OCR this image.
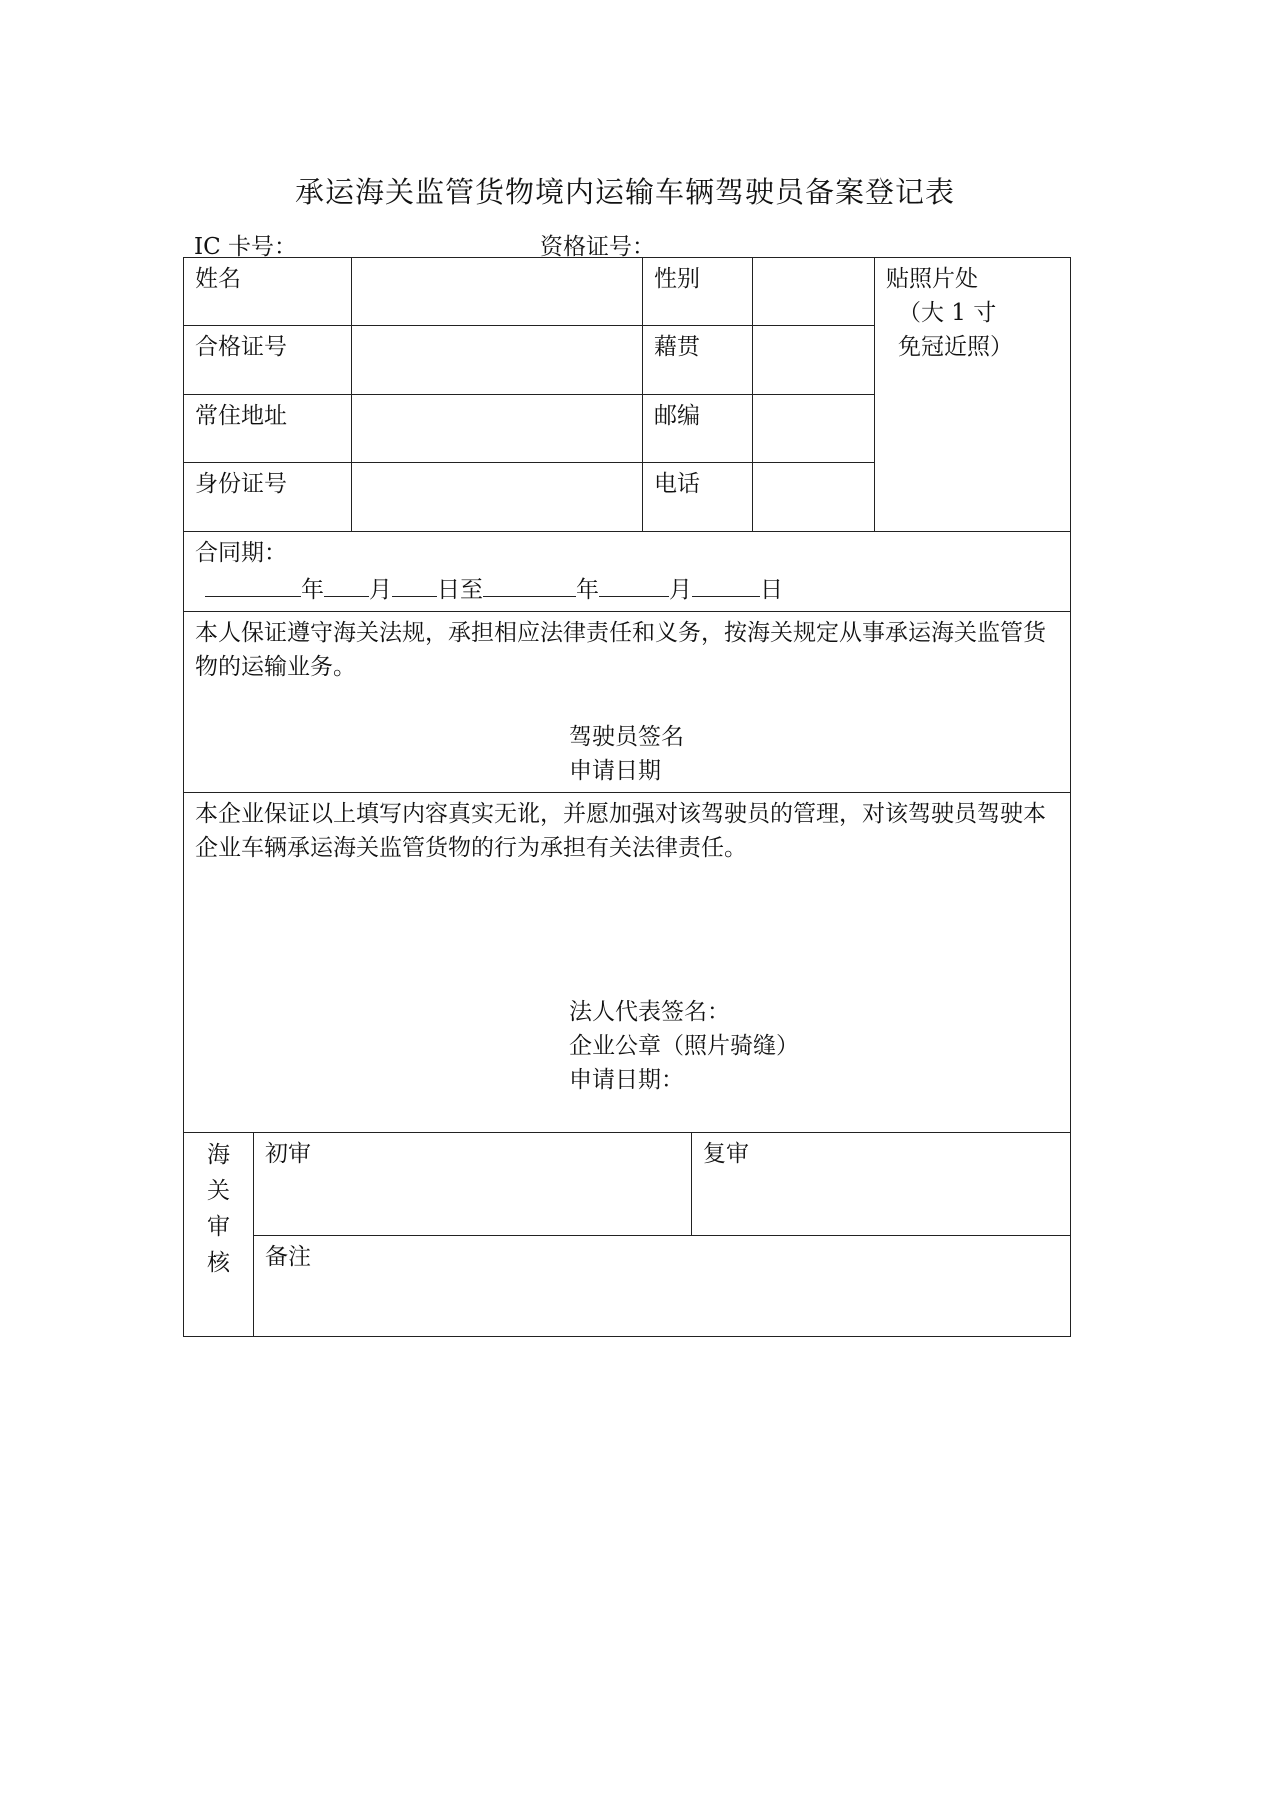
承运海关监管货物境内运输车辆驾驶员备案登记表
IC 卡号：	资格证号：
姓名			性别			贴照片处
（大 1 寸
免冠近照）

合格证号			藉贯			
常住地址			邮编			
身份证号			电话			

合同期：
年 月 日至 年 月 日						

本人保证遵守海关法规，承担相应法律责任和义务，按海关规定从事承运海关监管货物的运输业务。
驾驶员签名
申请日期						

本企业保证以上填写内容真实无讹，并愿加强对该驾驶员的管理，对该驾驶员驾驶本企业车辆承运海关监管货物的行为承担有关法律责任。
法人代表签名：
企业公章（照片骑缝）
申请日期：						

海
关
审
核	初审			复审		
	备注					
